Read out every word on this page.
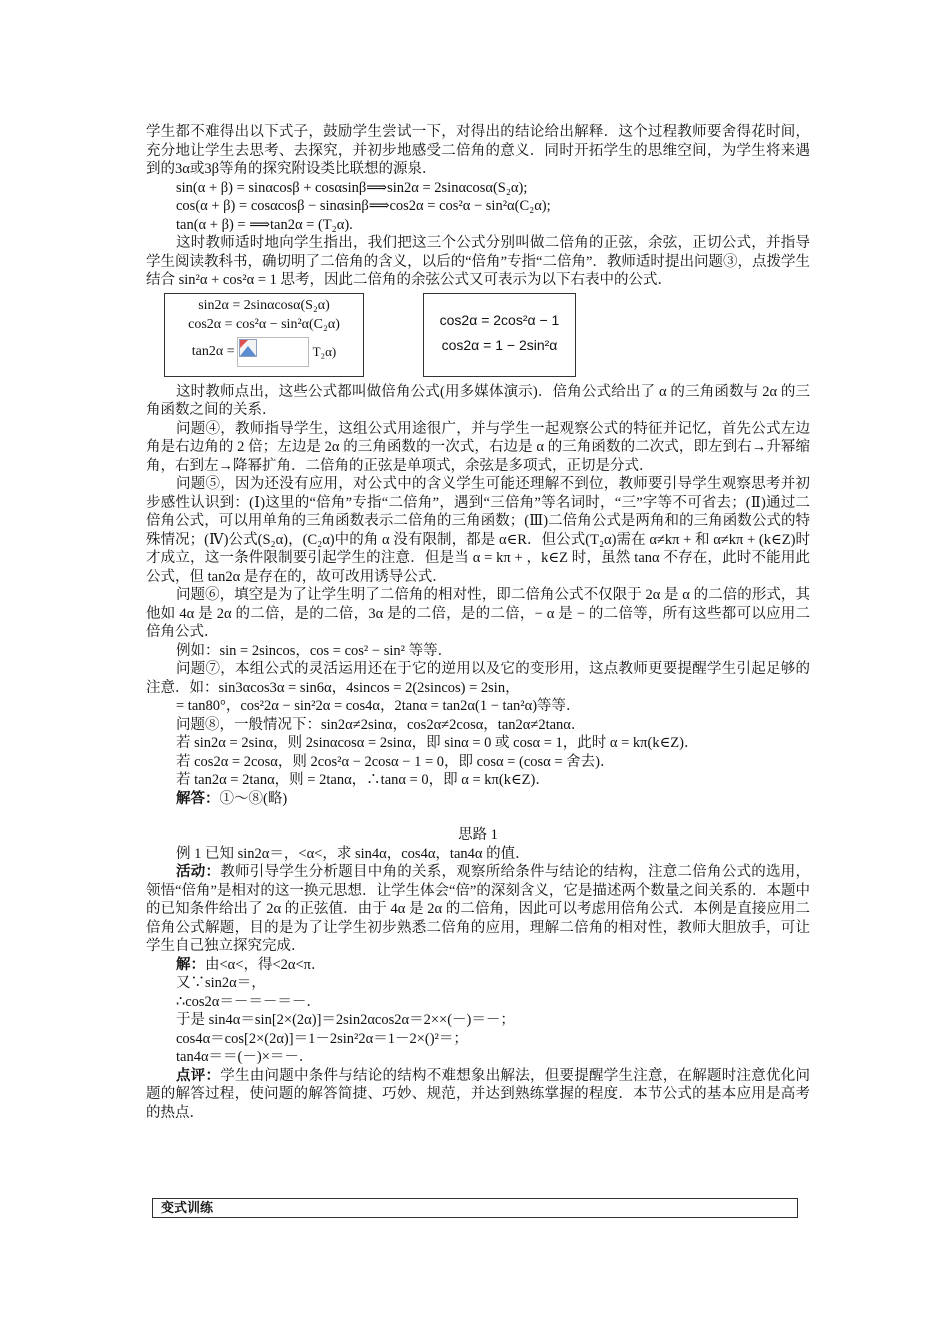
学生都不难得出以下式子，鼓励学生尝试一下，对得出的结论给出解释．这个过程教师要舍得花时间，充分地让学生去思考、去探究，并初步地感受二倍角的意义．同时开拓学生的思维空间，为学生将来遇到的3α或3β等角的探究附设类比联想的源泉．

sin(α + β) = sinαcosβ + cosαsinβ⟹sin2α = 2sinαcosα(S₂α);

cos(α + β) = cosαcosβ − sinαsinβ⟹cos2α = cos²α − sin²α(C₂α);

tan(α + β) = ⟹tan2α = (T₂α).

这时教师适时地向学生指出，我们把这三个公式分别叫做二倍角的正弦，余弦，正切公式，并指导学生阅读教科书，确切明了二倍角的含义，以后的“倍角”专指“二倍角”．教师适时提出问题③，点拨学生结合 sin²α + cos²α = 1 思考，因此二倍角的余弦公式又可表示为以下右表中的公式．

sin2α = 2sinαcosα(S₂α)
cos2α = cos²α − sin²α(C₂α)
tan2α =	T₂α)
cos2α = 2cos²α − 1
cos2α = 1 − 2sin²α

这时教师点出，这些公式都叫做倍角公式(用多媒体演示)．倍角公式给出了 α 的三角函数与 2α 的三角函数之间的关系．

问题④，教师指导学生，这组公式用途很广，并与学生一起观察公式的特征并记忆，首先公式左边角是右边角的 2 倍；左边是 2α 的三角函数的一次式，右边是 α 的三角函数的二次式，即左到右→升幂缩角，右到左→降幂扩角．二倍角的正弦是单项式，余弦是多项式，正切是分式．

问题⑤，因为还没有应用，对公式中的含义学生可能还理解不到位，教师要引导学生观察思考并初步感性认识到：(Ⅰ)这里的“倍角”专指“二倍角”，遇到“三倍角”等名词时，“三”字等不可省去；(Ⅱ)通过二倍角公式，可以用单角的三角函数表示二倍角的三角函数；(Ⅲ)二倍角公式是两角和的三角函数公式的特殊情况；(Ⅳ)公式(S₂α)，(C₂α)中的角 α 没有限制，都是 α∈R．但公式(T₂α)需在 α≠kπ + 和 α≠kπ + (k∈Z)时才成立，这一条件限制要引起学生的注意．但是当 α = kπ + ，k∈Z 时，虽然 tanα 不存在，此时不能用此公式，但 tan2α 是存在的，故可改用诱导公式．

问题⑥，填空是为了让学生明了二倍角的相对性，即二倍角公式不仅限于 2α 是 α 的二倍的形式，其他如 4α 是 2α 的二倍，是的二倍，3α 是的二倍，是的二倍，− α 是 − 的二倍等，所有这些都可以应用二倍角公式．

例如：sin = 2sincos，cos = cos² − sin² 等等．

问题⑦，本组公式的灵活运用还在于它的逆用以及它的变形用，这点教师更要提醒学生引起足够的注意．如：sin3αcos3α = sin6α，4sincos = 2(2sincos) = 2sin，

= tan80°，cos²2α − sin²2α = cos4α，2tanα = tan2α(1 − tan²α)等等．

问题⑧，一般情况下：sin2α≠2sinα，cos2α≠2cosα，tan2α≠2tanα．

若 sin2α = 2sinα，则 2sinαcosα = 2sinα，即 sinα = 0 或 cosα = 1，此时 α = kπ(k∈Z)．

若 cos2α = 2cosα，则 2cos²α − 2cosα − 1 = 0，即 cosα = (cosα = 舍去)．

若 tan2α = 2tanα，则 = 2tanα，∴tanα = 0，即 α = kπ(k∈Z)．

解答：①～⑧(略)

思路 1

例 1 已知 sin2α＝，<α<，求 sin4α，cos4α，tan4α 的值．

活动：教师引导学生分析题目中角的关系，观察所给条件与结论的结构，注意二倍角公式的选用，领悟“倍角”是相对的这一换元思想．让学生体会“倍”的深刻含义，它是描述两个数量之间关系的．本题中的已知条件给出了 2α 的正弦值．由于 4α 是 2α 的二倍角，因此可以考虑用倍角公式．本例是直接应用二倍角公式解题，目的是为了让学生初步熟悉二倍角的应用，理解二倍角的相对性，教师大胆放手，可让学生自己独立探究完成．

解：由<α<，得<2α<π．

又∵sin2α＝，

∴cos2α＝－＝－＝－．

于是 sin4α＝sin[2×(2α)]＝2sin2αcos2α＝2××(－)＝－；

cos4α＝cos[2×(2α)]＝1－2sin²2α＝1－2×()²＝；

tan4α＝＝(－)×＝－．

点评：学生由问题中条件与结论的结构不难想象出解法，但要提醒学生注意，在解题时注意优化问题的解答过程，使问题的解答简捷、巧妙、规范，并达到熟练掌握的程度．本节公式的基本应用是高考的热点．

变式训练
